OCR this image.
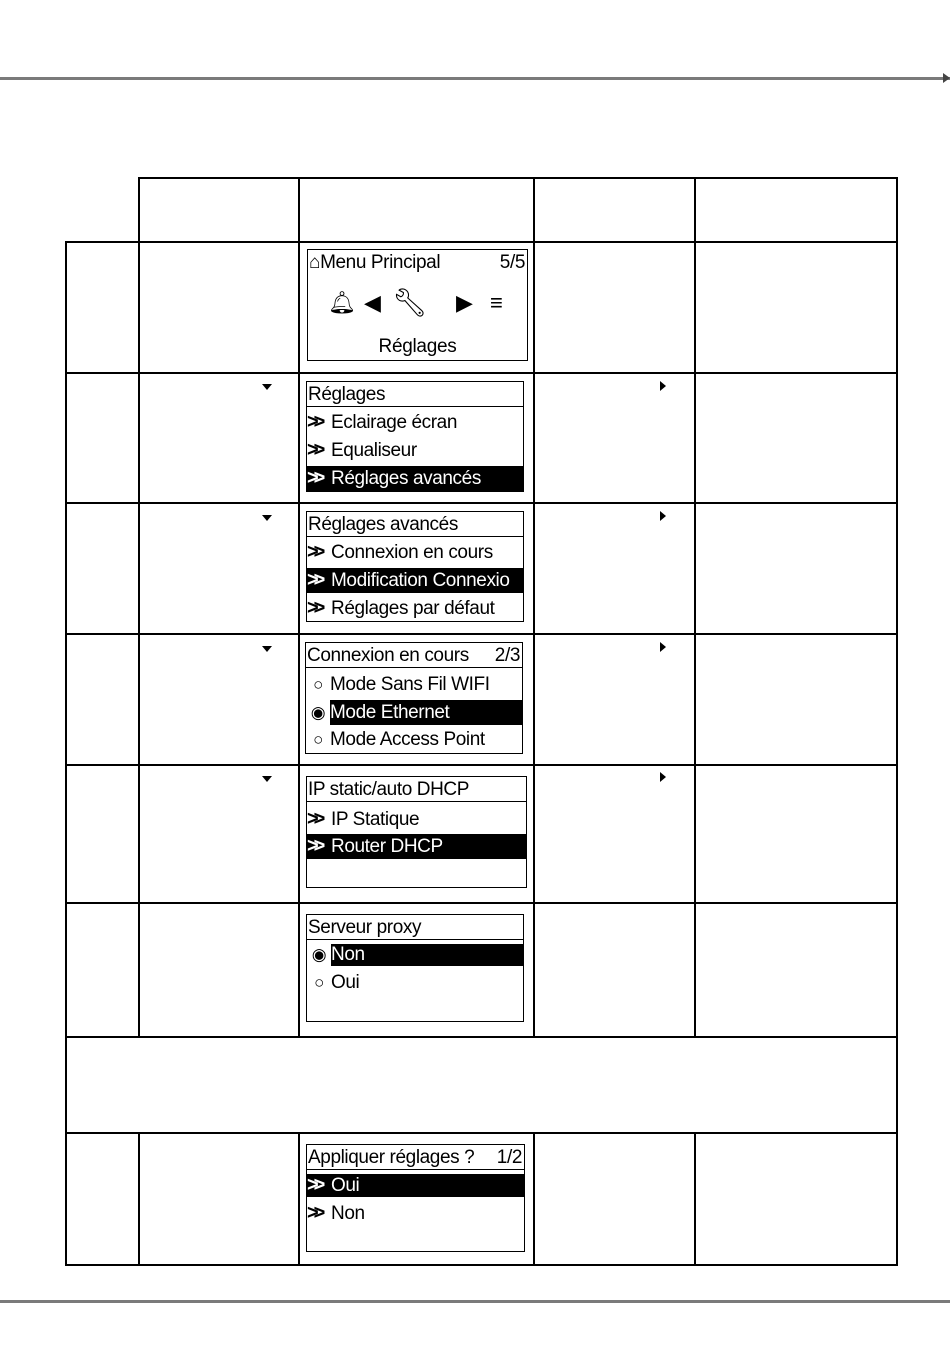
⌂Menu Principal	5/5
🔔︎ ◀ 🔧︎ ▶ ≡
Réglages
Réglages
>> Eclairage écran
>> Equaliseur
>> Réglages avancés
Réglages avancés
>> Connexion en cours
>> Modification Connexio
>> Réglages par défaut
Connexion en cours 2/3
○ Mode Sans Fil WIFI
◉ Mode Ethernet
○ Mode Access Point
IP static/auto DHCP
>> IP Statique
>> Router DHCP
Serveur proxy
◉ Non
○ Oui
Appliquer réglages ? 1/2
>> Oui
>> Non
